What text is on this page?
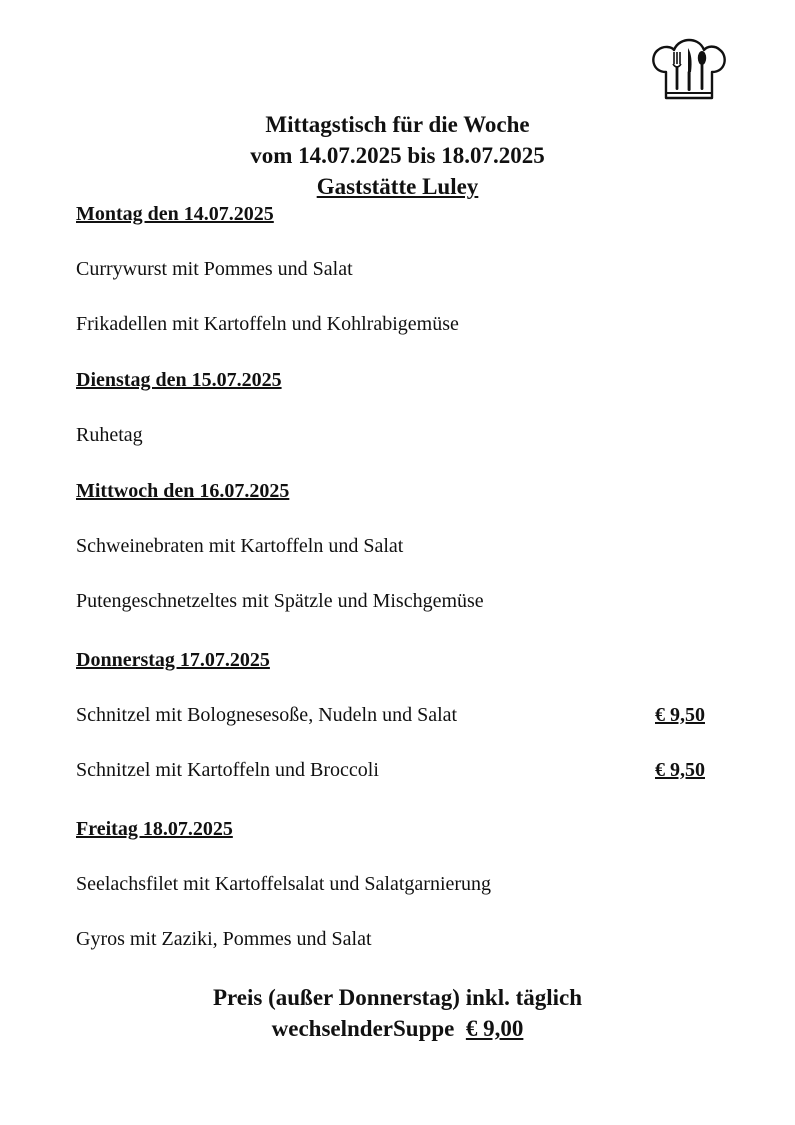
Mittagstisch für die Woche
vom 14.07.2025 bis 18.07.2025
Gaststätte Luley
Montag den 14.07.2025
Currywurst mit Pommes und Salat
Frikadellen mit Kartoffeln und Kohlrabigemüse
Dienstag den 15.07.2025
Ruhetag
Mittwoch den 16.07.2025
Schweinebraten mit Kartoffeln und Salat
Putengeschnetzeltes mit Spätzle und Mischgemüse
Donnerstag 17.07.2025
Schnitzel mit Bolognesesoße, Nudeln und Salat	€ 9,50
Schnitzel mit Kartoffeln und Broccoli	€ 9,50
Freitag 18.07.2025
Seelachsfilet mit Kartoffelsalat und Salatgarnierung
Gyros mit Zaziki, Pommes und Salat
Preis (außer Donnerstag) inkl. täglich
wechselnderSuppe € 9,00
